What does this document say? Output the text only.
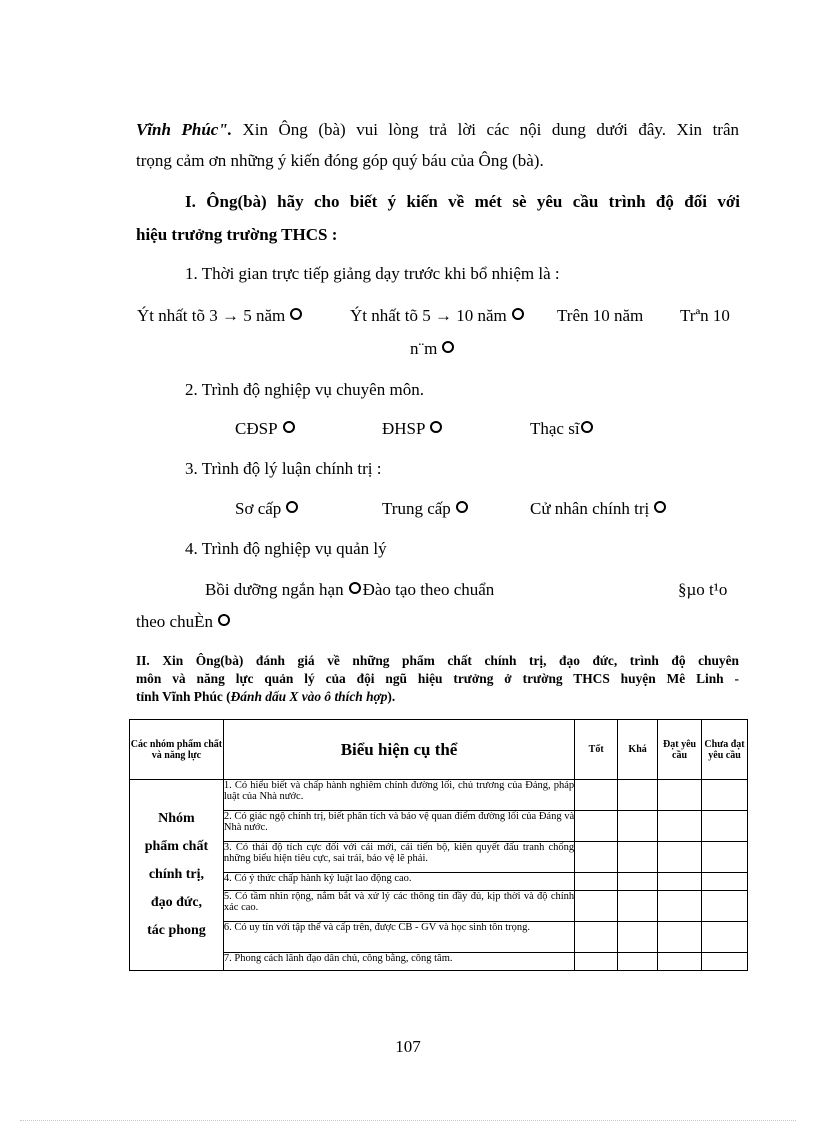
Vĩnh Phúc". Xin Ông (bà) vui lòng trả lời các nội dung dưới đây. Xin trân
trọng cảm ơn những ý kiến đóng góp quý báu của Ông (bà).
I. Ông(bà) hãy cho biết ý kiến về mét sè yêu cầu trình độ đối với
hiệu trưởng trường THCS :
1. Thời gian trực tiếp giảng dạy trước khi bổ nhiệm là :
Ýt nhất tõ 3 → 5 năm	Ýt nhất tõ 5 → 10 năm	Trên 10 năm Trªn 10
n¨m
2. Trình độ nghiệp vụ chuyên môn.
CĐSP	ĐHSP	Thạc sĩ
3. Trình độ lý luận chính trị :
Sơ cấp	Trung cấp	Cử nhân chính trị
4. Trình độ nghiệp vụ quản lý
Bồi dưỡng ngắn hạn Đào tạo theo chuẩn	§µo t¹o
theo chuÈn
II. Xin Ông(bà) đánh giá về những phẩm chất chính trị, đạo đức, trình độ chuyên
môn và năng lực quản lý của đội ngũ hiệu trưởng ở trường THCS huyện Mê Linh -
tỉnh Vĩnh Phúc (Đánh dấu X vào ô thích hợp).
Các nhóm phẩm chất và năng lực	Biểu hiện cụ thể	Tốt	Khá	Đạt yêu cầu	Chưa đạt yêu cầu
Nhóm
phẩm chất
chính trị,
đạo đức,
tác phong	1. Có hiểu biết và chấp hành nghiêm chỉnh đường lối, chủ trương của Đảng, pháp luật của Nhà nước.				
	2. Có giác ngộ chính trị, biết phân tích và bảo vệ quan điểm đường lối của Đảng và Nhà nước.				
	3. Có thái độ tích cực đối với cái mới, cái tiến bộ, kiên quyết đấu tranh chống những biểu hiện tiêu cực, sai trái, bảo vệ lẽ phải.				
	4. Có ý thức chấp hành kỷ luật lao động cao.				
	5. Có tầm nhìn rộng, nắm bắt và xử lý các thông tin đầy đủ, kịp thời và độ chính xác cao.				
	6. Có uy tín với tập thể và cấp trên, được CB - GV và học sinh tôn trọng.				
	7. Phong cách lãnh đạo dân chủ, công bằng, công tâm.				
107
